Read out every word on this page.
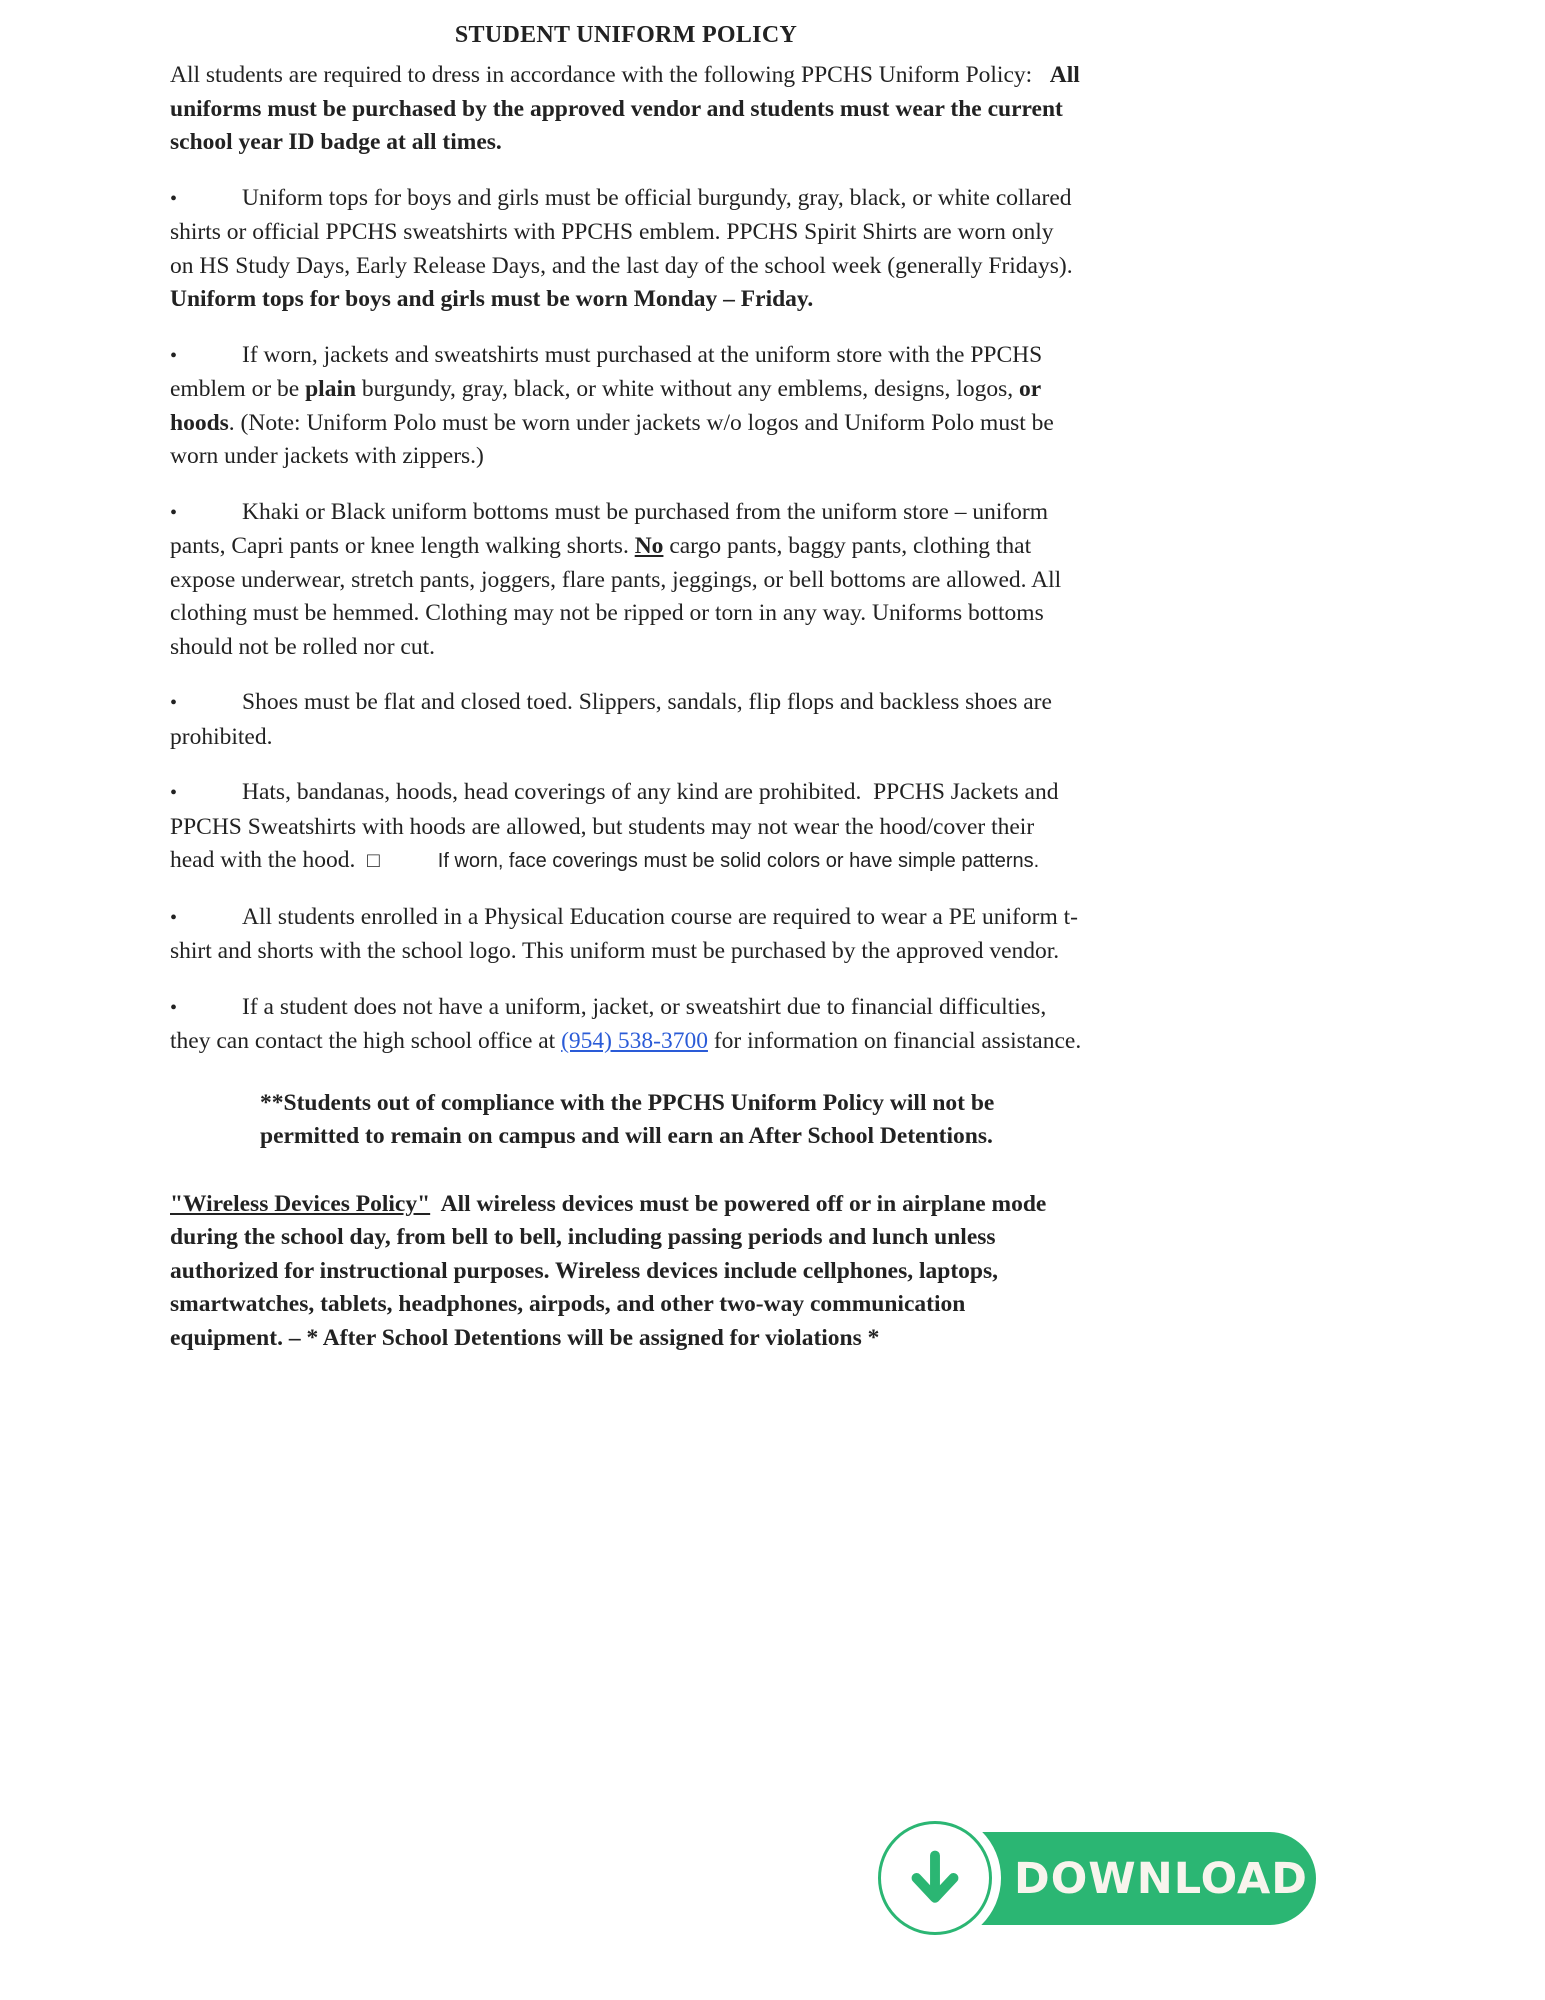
STUDENT UNIFORM POLICY

All students are required to dress in accordance with the following PPCHS Uniform Policy:   All uniforms must be purchased by the approved vendor and students must wear the current school year ID badge at all times.

•	Uniform tops for boys and girls must be official burgundy, gray, black, or white collared shirts or official PPCHS sweatshirts with PPCHS emblem. PPCHS Spirit Shirts are worn only on HS Study Days, Early Release Days, and the last day of the school week (generally Fridays). Uniform tops for boys and girls must be worn Monday – Friday.

•	If worn, jackets and sweatshirts must purchased at the uniform store with the PPCHS emblem or be plain burgundy, gray, black, or white without any emblems, designs, logos, or hoods. (Note: Uniform Polo must be worn under jackets w/o logos and Uniform Polo must be worn under jackets with zippers.)

•	Khaki or Black uniform bottoms must be purchased from the uniform store – uniform pants, Capri pants or knee length walking shorts. No cargo pants, baggy pants, clothing that expose underwear, stretch pants, joggers, flare pants, jeggings, or bell bottoms are allowed. All clothing must be hemmed. Clothing may not be ripped or torn in any way. Uniforms bottoms should not be rolled nor cut.

•	Shoes must be flat and closed toed. Slippers, sandals, flip flops and backless shoes are prohibited.

•	Hats, bandanas, hoods, head coverings of any kind are prohibited.  PPCHS Jackets and PPCHS Sweatshirts with hoods are allowed, but students may not wear the hood/cover their head with the hood.  □	If worn, face coverings must be solid colors or have simple patterns.

•	All students enrolled in a Physical Education course are required to wear a PE uniform t-shirt and shorts with the school logo. This uniform must be purchased by the approved vendor.

•	If a student does not have a uniform, jacket, or sweatshirt due to financial difficulties, they can contact the high school office at (954) 538-3700 for information on financial assistance.

**Students out of compliance with the PPCHS Uniform Policy will not be permitted to remain on campus and will earn an After School Detentions.

"Wireless Devices Policy"  All wireless devices must be powered off or in airplane mode during the school day, from bell to bell, including passing periods and lunch unless authorized for instructional purposes. Wireless devices include cellphones, laptops, smartwatches, tablets, headphones, airpods, and other two-way communication equipment. – * After School Detentions will be assigned for violations *

DOWNLOAD
